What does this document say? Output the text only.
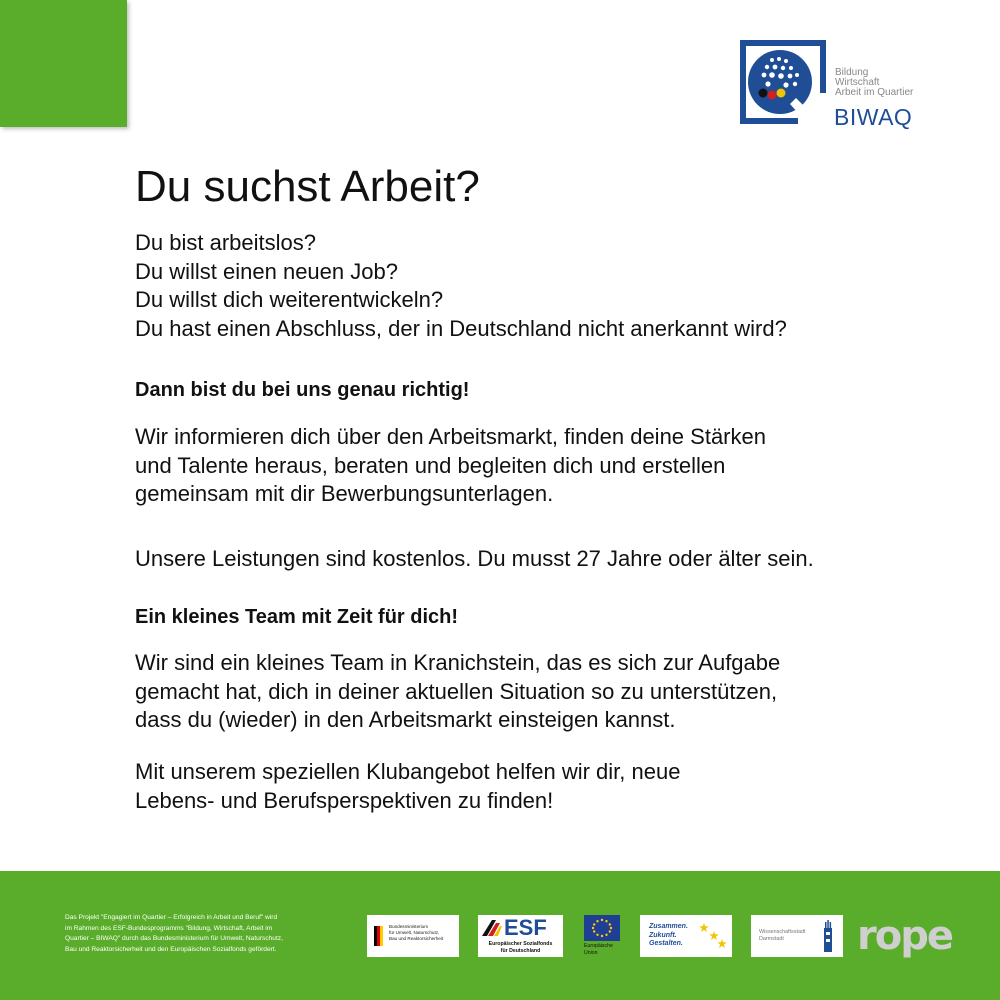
Bildung
Wirtschaft
Arbeit im Quartier
BIWAQ
Du suchst Arbeit?

Du bist arbeitslos?
Du willst einen neuen Job?
Du willst dich weiterentwickeln?
Du hast einen Abschluss, der in Deutschland nicht anerkannt wird?

Dann bist du bei uns genau richtig!

Wir informieren dich über den Arbeitsmarkt, finden deine Stärken
und Talente heraus, beraten und begleiten dich und erstellen
gemeinsam mit dir Bewerbungsunterlagen.

Unsere Leistungen sind kostenlos. Du musst 27 Jahre oder älter sein.

Ein kleines Team mit Zeit für dich!

Wir sind ein kleines Team in Kranichstein, das es sich zur Aufgabe
gemacht hat, dich in deiner aktuellen Situation so zu unterstützen,
dass du (wieder) in den Arbeitsmarkt einsteigen kannst.

Mit unserem speziellen Klubangebot helfen wir dir, neue
Lebens- und Berufsperspektiven zu finden!

Das Projekt "Engagiert im Quartier – Erfolgreich in Arbeit und Beruf" wird
im Rahmen des ESF-Bundesprogramms "Bildung, Wirtschaft, Arbeit im
Quartier – BIWAQ" durch das Bundesministerium für Umwelt, Naturschutz,
Bau und Reaktorsicherheit und den Europäischen Sozialfonds gefördert.
Bundesministerium
für Umwelt, Naturschutz,
Bau und Reaktorsicherheit	ESF
Europäischer Sozialfonds
für Deutschland
Europäische
Union
Zusammen.
Zukunft.
Gestalten.
Wissenschaftsstadt
Darmstadt	rope
